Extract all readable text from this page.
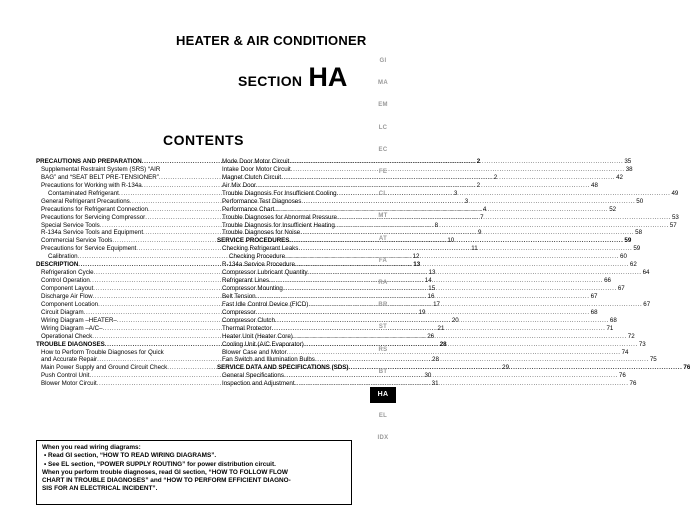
HEATER & AIR CONDITIONER
SECTION HA
CONTENTS
PRECAUTIONS AND PREPARATION .....	2
Supplemental Restraint System (SRS) “AIR
BAG” and “SEAT BELT PRE-TENSIONER” .....	2
Precautions for Working with R-134a .....	2
Contaminated Refrigerant .....	3
General Refrigerant Precautions .....	3
Precautions for Refrigerant Connection .....	4
Precautions for Servicing Compressor .....	7
Special Service Tools .....	8
R-134a Service Tools and Equipment .....	9
Commercial Service Tools .....	10
Precautions for Service Equipment .....	11
Calibration .....	12
DESCRIPTION .....	13
Refrigeration Cycle .....	13
Control Operation .....	14
Component Layout .....	15
Discharge Air Flow .....	16
Component Location .....	17
Circuit Diagram .....	19
Wiring Diagram –HEATER– .....	20
Wiring Diagram –A/C– .....	21
Operational Check .....	26
TROUBLE DIAGNOSES .....	28
How to Perform Trouble Diagnoses for Quick
and Accurate Repair .....	28
Main Power Supply and Ground Circuit Check .....	29
Push Control Unit .....	30
Blower Motor Circuit .....	31
Mode Door Motor Circuit .....	35
Intake Door Motor Circuit .....	38
Magnet Clutch Circuit .....	42
Air Mix Door .....	48
Trouble Diagnosis For Insufficient Cooling .....	49
Performance Test Diagnoses .....	50
Performance Chart .....	52
Trouble Diagnoses for Abnormal Pressure .....	53
Trouble Diagnosis for Insufficient Heating .....	57
Trouble Diagnoses for Noise .....	58
SERVICE PROCEDURES .....	59
Checking Refrigerant Leaks .....	59
Checking Procedure .....	60
R-134a Service Procedure .....	62
Compressor Lubricant Quantity .....	64
Refrigerant Lines .....	66
Compressor Mounting .....	67
Belt Tension .....	67
Fast Idle Control Device (FICD) .....	67
Compressor .....	68
Compressor Clutch .....	68
Thermal Protector .....	71
Heater Unit (Heater Core) .....	72
Cooling Unit (A/C Evaporator) .....	73
Blower Case and Motor .....	74
Fan Switch and Illumination Bulbs .....	75
SERVICE DATA AND SPECIFICATIONS (SDS) .....	76
General Specifications .....	76
Inspection and Adjustment .....	76
When you read wiring diagrams:
• Read GI section, “HOW TO READ WIRING DIAGRAMS”.
• See EL section, “POWER SUPPLY ROUTING” for power distribution circuit.
When you perform trouble diagnoses, read GI section, “HOW TO FOLLOW FLOW
CHART IN TROUBLE DIAGNOSES” and “HOW TO PERFORM EFFICIENT DIAGNO-
SIS FOR AN ELECTRICAL INCIDENT”.
GI
MA
EM
LC
EC
FE
CL
MT
AT
FA
RA
BR
ST
RS
BT
HA
EL
IDX
